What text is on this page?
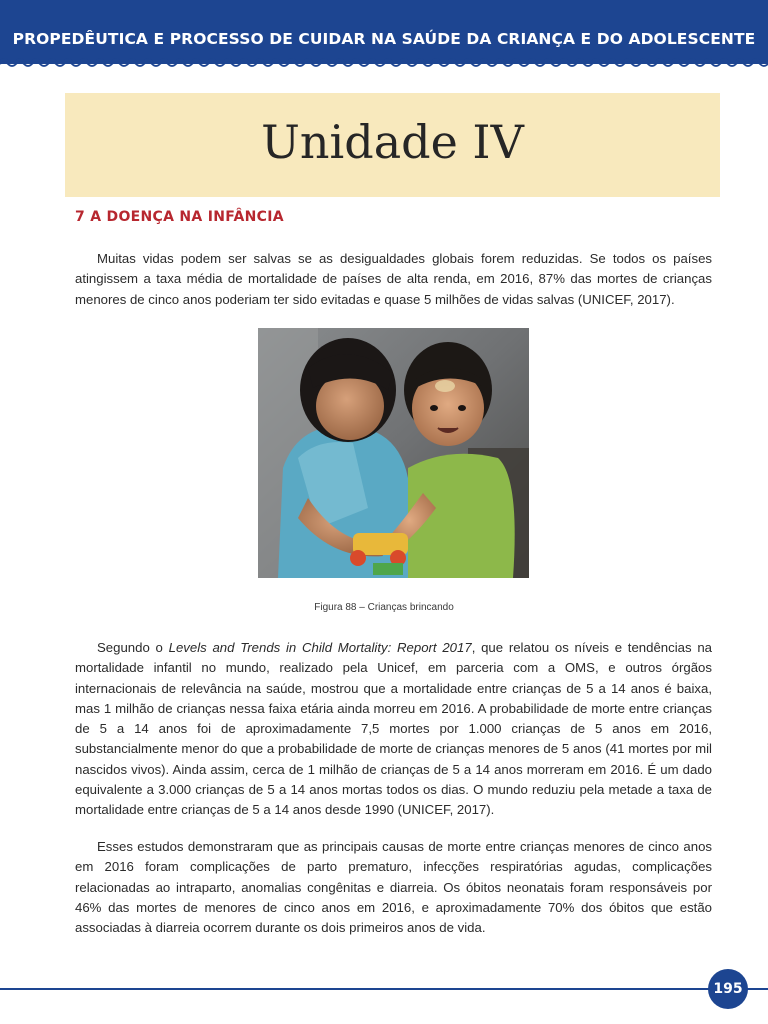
PROPEDÊUTICA E PROCESSO DE CUIDAR NA SAÚDE DA CRIANÇA E DO ADOLESCENTE
Unidade IV
7 A DOENÇA NA INFÂNCIA

Muitas vidas podem ser salvas se as desigualdades globais forem reduzidas. Se todos os países atingissem a taxa média de mortalidade de países de alta renda, em 2016, 87% das mortes de crianças menores de cinco anos poderiam ter sido evitadas e quase 5 milhões de vidas salvas (UNICEF, 2017).

Figura 88 – Crianças brincando

Segundo o Levels and Trends in Child Mortality: Report 2017, que relatou os níveis e tendências na mortalidade infantil no mundo, realizado pela Unicef, em parceria com a OMS, e outros órgãos internacionais de relevância na saúde, mostrou que a mortalidade entre crianças de 5 a 14 anos é baixa, mas 1 milhão de crianças nessa faixa etária ainda morreu em 2016. A probabilidade de morte entre crianças de 5 a 14 anos foi de aproximadamente 7,5 mortes por 1.000 crianças de 5 anos em 2016, substancialmente menor do que a probabilidade de morte de crianças menores de 5 anos (41 mortes por mil nascidos vivos). Ainda assim, cerca de 1 milhão de crianças de 5 a 14 anos morreram em 2016. É um dado equivalente a 3.000 crianças de 5 a 14 anos mortas todos os dias. O mundo reduziu pela metade a taxa de mortalidade entre crianças de 5 a 14 anos desde 1990 (UNICEF, 2017).

Esses estudos demonstraram que as principais causas de morte entre crianças menores de cinco anos em 2016 foram complicações de parto prematuro, infecções respiratórias agudas, complicações relacionadas ao intraparto, anomalias congênitas e diarreia. Os óbitos neonatais foram responsáveis por 46% das mortes de menores de cinco anos em 2016, e aproximadamente 70% dos óbitos que estão associadas à diarreia ocorrem durante os dois primeiros anos de vida.

195
